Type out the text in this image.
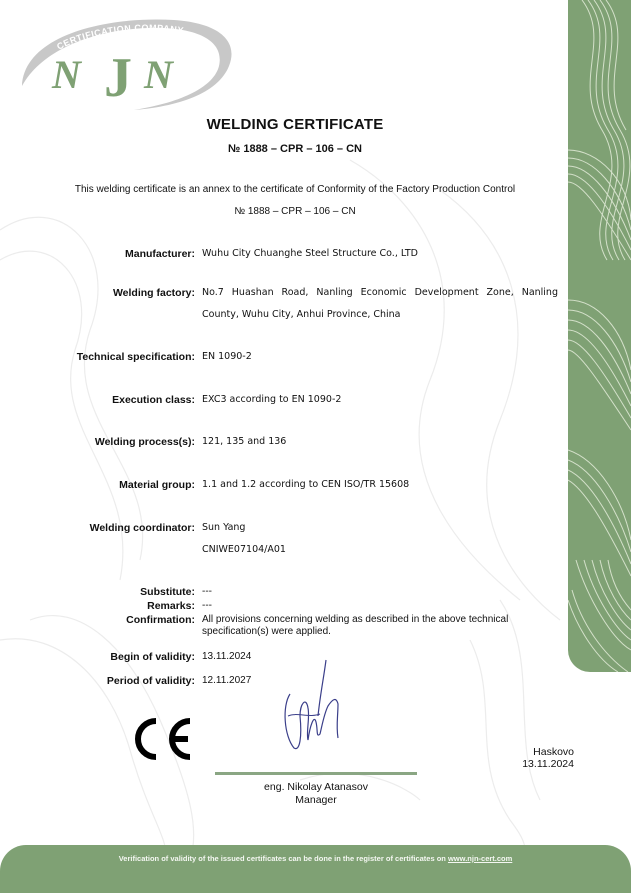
CERTIFICATION COMPANY
N J N
WELDING CERTIFICATE
№ 1888 – CPR – 106 – CN
This welding certificate is an annex to the certificate of Conformity of the Factory Production Control
№ 1888 – CPR – 106 – CN
Manufacturer: Wuhu City Chuanghe Steel Structure Co., LTD
Welding factory: No.7 Huashan Road, Nanling Economic Development Zone, Nanling County, Wuhu City, Anhui Province, China
Technical specification: EN 1090-2
Execution class: EXC3 according to EN 1090-2
Welding process(s): 121, 135 and 136
Material group: 1.1 and 1.2 according to CEN ISO/TR 15608
Welding coordinator: Sun Yang
CNIWE07104/A01
Substitute: ---
Remarks: ---
Confirmation: All provisions concerning welding as described in the above technical specification(s) were applied.
Begin of validity: 13.11.2024
Period of validity: 12.11.2027
eng. Nikolay Atanasov
Manager
Haskovo
13.11.2024
Verification of validity of the issued certificates can be done in the register of certificates on www.njn-cert.com
